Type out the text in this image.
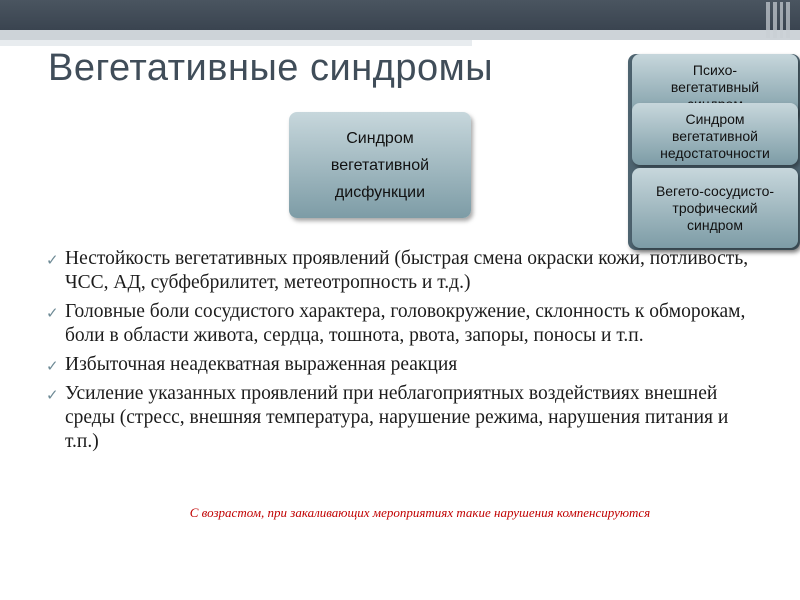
Вегетативные синдромы
Синдром
вегетативной
дисфункции
Психо-
вегетативный
Синдром
вегетативной
недостаточности
Вегето-сосудисто-
трофический
синдром
✓ Нестойкость вегетативных проявлений (быстрая смена окраски кожи, потливость, ЧСС, АД, субфебрилитет, метеотропность и т.д.)
✓ Головные боли сосудистого характера, головокружение, склонность к обморокам, боли в области живота, сердца, тошнота, рвота, запоры, поносы и т.п.
✓ Избыточная неадекватная выраженная реакция
✓ Усиление указанных проявлений при неблагоприятных воздействиях внешней среды (стресс, внешняя температура, нарушение режима, нарушения питания и т.п.)

С возрастом, при закаливающих мероприятиях такие нарушения компенсируются
